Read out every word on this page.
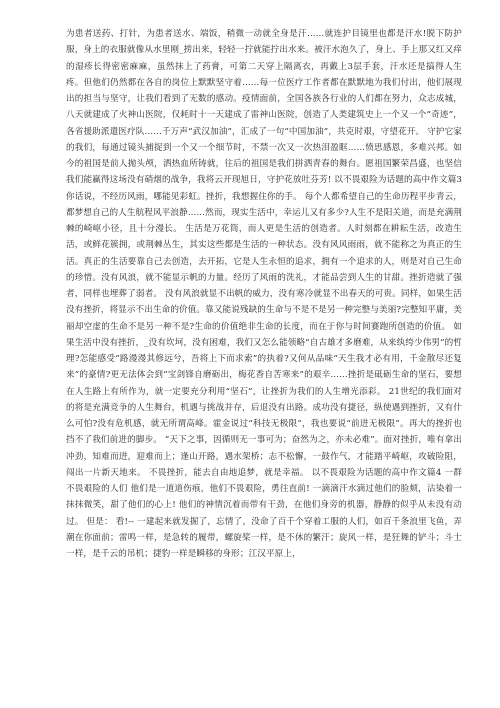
为患者送药、打针，为患者送水、端饭，稍微一动就全身是汗……就连护目镜里也都是汗水!脱下防护服，身上的衣服就像从水里刚_捞出来，轻轻一拧就能拧出水来。被汗水泡久了，身上、手上那又红又痒的湿疹长得密密麻麻，虽然抹上了药膏，可第二天穿上隔离衣，再戴上3层手套，汗水还是搞得人生疼。但他们仍然都在各自的岗位上默默坚守着……每一位医疗工作者都在默默地为我们付出，他们展现出的担当与坚守，让我们看到了无数的感动。疫情面前，全国各族各行业的人们都在努力，众志成城，八天就建成了火神山医院，仅耗时十一天建成了雷神山医院，创造了人类建筑史上一个又一个“奇迹”，各省援助派遣医疗队……千万声“武汉加油”，汇成了一句“中国加油”，共克时艰，守望花开。 守护它家的我们，每通过镜头捕捉到一个又一个细节时，不禁一次又一次热泪盈眶……愤思感恩，多难兴邦。如今的祖国是前人抛头颅，洒热血所铸就，往后的祖国是我们拼洒青春的舞台。愿祖国繁荣昌盛，也坚信我们能赢得这场没有硝烟的战争，我将云开现旭日，守护花放吐芬芳! 以不畏艰险为话题的高中作文篇3 你话说，不经历风雨，哪能见彩虹。挫折，我想握住你的手。 每个人都希望自己的生命历程平步青云，都梦想自己的人生航程风平浪静……然而，现实生活中，幸运儿又有多少?人生不是阳关道，而是充满荆棘的崎岖小径，且十分漫长。 生活是万花筒，而人更是生活的创造者。人时刻都在耕耘生活，改造生活，或鲜花簇拥，或荆棘丛生，其实这些都是生活的一种状态。没有风风雨雨，就不能称之为真正的生活。真正的生活要靠自己去创造，去开拓，它是人生永恒的追求，拥有一个追求的人，则是对自己生命的珍惜。没有风浪，就不能显示帆的力量。经历了风雨的洗礼，才能品尝到人生的甘甜。挫折造就了强者，同样也埋葬了弱者。 没有风浪就显不出帆的威力，没有寒冷就显不出春天的可贵。同样，如果生活没有挫折，将显示不出生命的价值。靠又能说残缺的生命与不是不是另一种完整与美丽?完整知平庸，美丽却空虚的生命不是另一种不是?生命的价值绝非生命的长度，而在于你与时间赛跑所创造的价值。 如果生活中没有挫折，_没有坎坷，没有困难，我们又怎么能领略“自古雄才多磨难，从来纨绔少伟男”的哲理?怎能感受“路漫漫其修远兮，吾将上下而求索”的执着?又何从品味“天生我才必有用，千金散尽还复来”的豪情?更无法体会到“宝剑锋自磨砺出，梅花香自苦寒来”的艰辛……挫折是砥砺生命的坚石，要想在人生路上有所作为，就一定要充分利用“坚石”，让挫折为我们的人生增光添彩。 21世纪的我们面对的将是充满竞争的人生舞台，机遇与挑战并存，后退没有出路。成功没有捷径，纵使遇到挫折，又有什么可怕?没有危机感，就无所谓高峰。霍金说过“科技无极限”，我也要说“前进无极限”。再大的挫折也挡不了我们前进的脚步。 “天下之事，因循则无一事可为；奋然为之，亦未必难”。面对挫折，唯有拿出冲劲，知难而进，迎难而上；逢山开路，遇水架桥；志不松懈，一鼓作气，才能踏平崎岖，攻破险阻，闯出一片新天地来。 不畏挫折，能去自由地追梦，就是幸福。 以不畏艰险为话题的高中作文篇4 一群不畏艰险的人们 他们是一道道伤痕，他们不畏艰险，勇往直前! 一滴滴汗水滴过他们的脸颊，沾染着一抹抹微笑，甜了他们的心上! 他们的神情沉着而带有干劲，在他们身旁的机器，静静的似乎从未没有动过。 但是： 看!-- 一建起来就发掘了，忘情了，没命了百千个穿着工服的人们，如百千条浪里飞鱼，弄潮在你面前；雷鸣一样，是急转的履带，螺旋桨一样，是不休的繁汗；旋风一样，是狂舞的铲斗；斗士一样，是千云的吊机；捷豹一样是瞬移的身形；江汉平原上，
